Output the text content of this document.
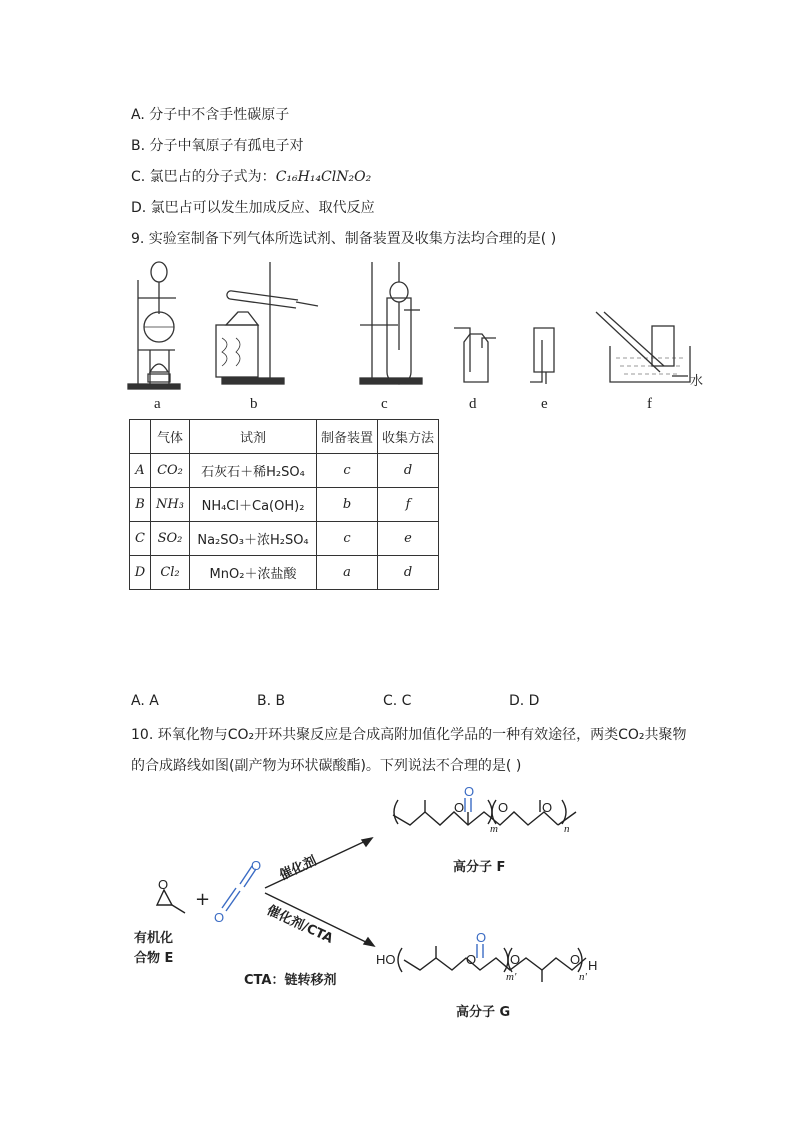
A. 分子中不含手性碳原子
B. 分子中氧原子有孤电子对
C. 氯巴占的分子式为：C₁₆H₁₄ClN₂O₂
D. 氯巴占可以发生加成反应、取代反应
9. 实验室制备下列气体所选试剂、制备装置及收集方法均合理的是( )
a	b	c	d	e	f
水
	气体	试剂	制备装置	收集方法
A	CO₂	石灰石＋稀H₂SO₄	c	d
B	NH₃	NH₄Cl＋Ca(OH)₂	b	f
C	SO₂	Na₂SO₃＋浓H₂SO₄	c	e
D	Cl₂	MnO₂＋浓盐酸	a	d
A. A	B. B	C. C	D. D
10. 环氧化物与CO₂开环共聚反应是合成高附加值化学品的一种有效途径，两类CO₂共聚物
的合成路线如图(副产物为环状碳酸酯)。下列说法不合理的是( )
O	O	O
O
O
O
O
HO	O	O
O
O H
m	n
m'	n'
有机化
合物 E
CTA：链转移剂
高分子 F
高分子 G
+
催化剂
催化剂/CTA
